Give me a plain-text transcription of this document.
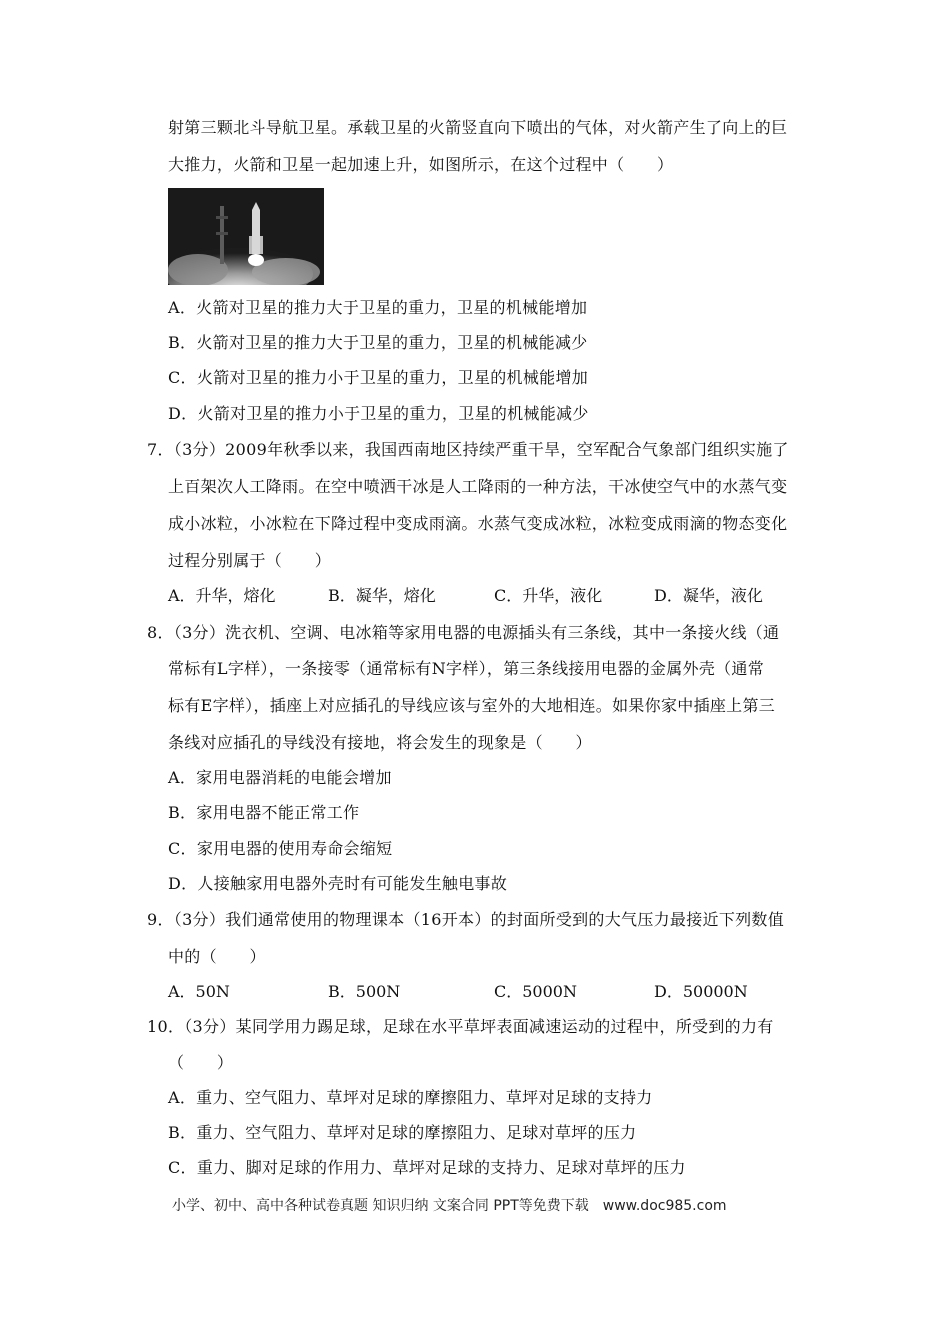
射第三颗北斗导航卫星。承载卫星的火箭竖直向下喷出的气体，对火箭产生了向上的巨
大推力，火箭和卫星一起加速上升，如图所示，在这个过程中（　　）
A．火箭对卫星的推力大于卫星的重力，卫星的机械能增加
B．火箭对卫星的推力大于卫星的重力，卫星的机械能减少
C．火箭对卫星的推力小于卫星的重力，卫星的机械能增加
D．火箭对卫星的推力小于卫星的重力，卫星的机械能减少
7．（3分）2009年秋季以来，我国西南地区持续严重干旱，空军配合气象部门组织实施了
上百架次人工降雨。在空中喷洒干冰是人工降雨的一种方法，干冰使空气中的水蒸气变
成小冰粒，小冰粒在下降过程中变成雨滴。水蒸气变成冰粒，冰粒变成雨滴的物态变化
过程分别属于（　　）
A．升华，熔化	B．凝华，熔化	C．升华，液化	D．凝华，液化
8．（3分）洗衣机、空调、电冰箱等家用电器的电源插头有三条线，其中一条接火线（通
常标有L字样），一条接零（通常标有N字样），第三条线接用电器的金属外壳（通常
标有E字样），插座上对应插孔的导线应该与室外的大地相连。如果你家中插座上第三
条线对应插孔的导线没有接地，将会发生的现象是（　　）
A．家用电器消耗的电能会增加
B．家用电器不能正常工作
C．家用电器的使用寿命会缩短
D．人接触家用电器外壳时有可能发生触电事故
9．（3分）我们通常使用的物理课本（16开本）的封面所受到的大气压力最接近下列数值
中的（　　）
A．50N	B．500N	C．5000N	D．50000N
10．（3分）某同学用力踢足球，足球在水平草坪表面减速运动的过程中，所受到的力有
（　　）
A．重力、空气阻力、草坪对足球的摩擦阻力、草坪对足球的支持力
B．重力、空气阻力、草坪对足球的摩擦阻力、足球对草坪的压力
C．重力、脚对足球的作用力、草坪对足球的支持力、足球对草坪的压力
小学、初中、高中各种试卷真题 知识归纳 文案合同 PPT等免费下载　www.doc985.com
